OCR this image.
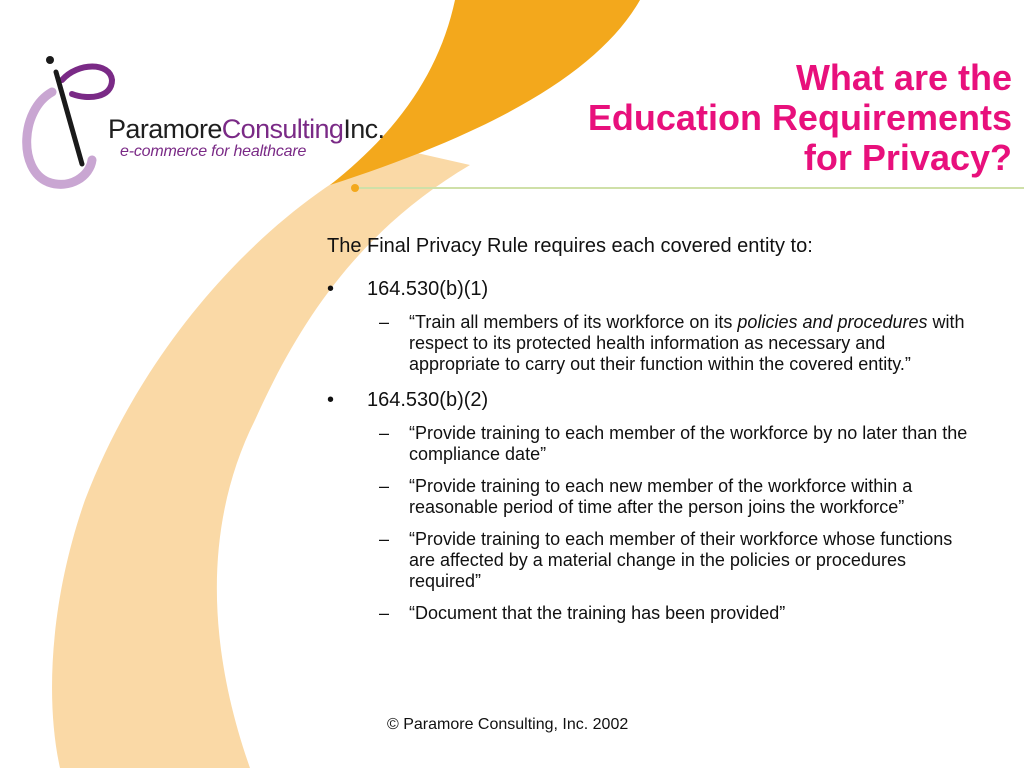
ParamoreConsultingInc.
e-commerce for healthcare
What are the
Education Requirements
for Privacy?
The Final Privacy Rule requires each covered entity to:
• 164.530(b)(1)
– “Train all members of its workforce on its policies and procedures with respect to its protected health information as necessary and appropriate to carry out their function within the covered entity.”
• 164.530(b)(2)
– “Provide training to each member of the workforce by no later than the compliance date”
– “Provide training to each new member of the workforce within a reasonable period of time after the person joins the workforce”
– “Provide training to each member of their workforce whose functions are affected by a material change in the policies or procedures required”
– “Document that the training has been provided”
© Paramore Consulting, Inc. 2002
